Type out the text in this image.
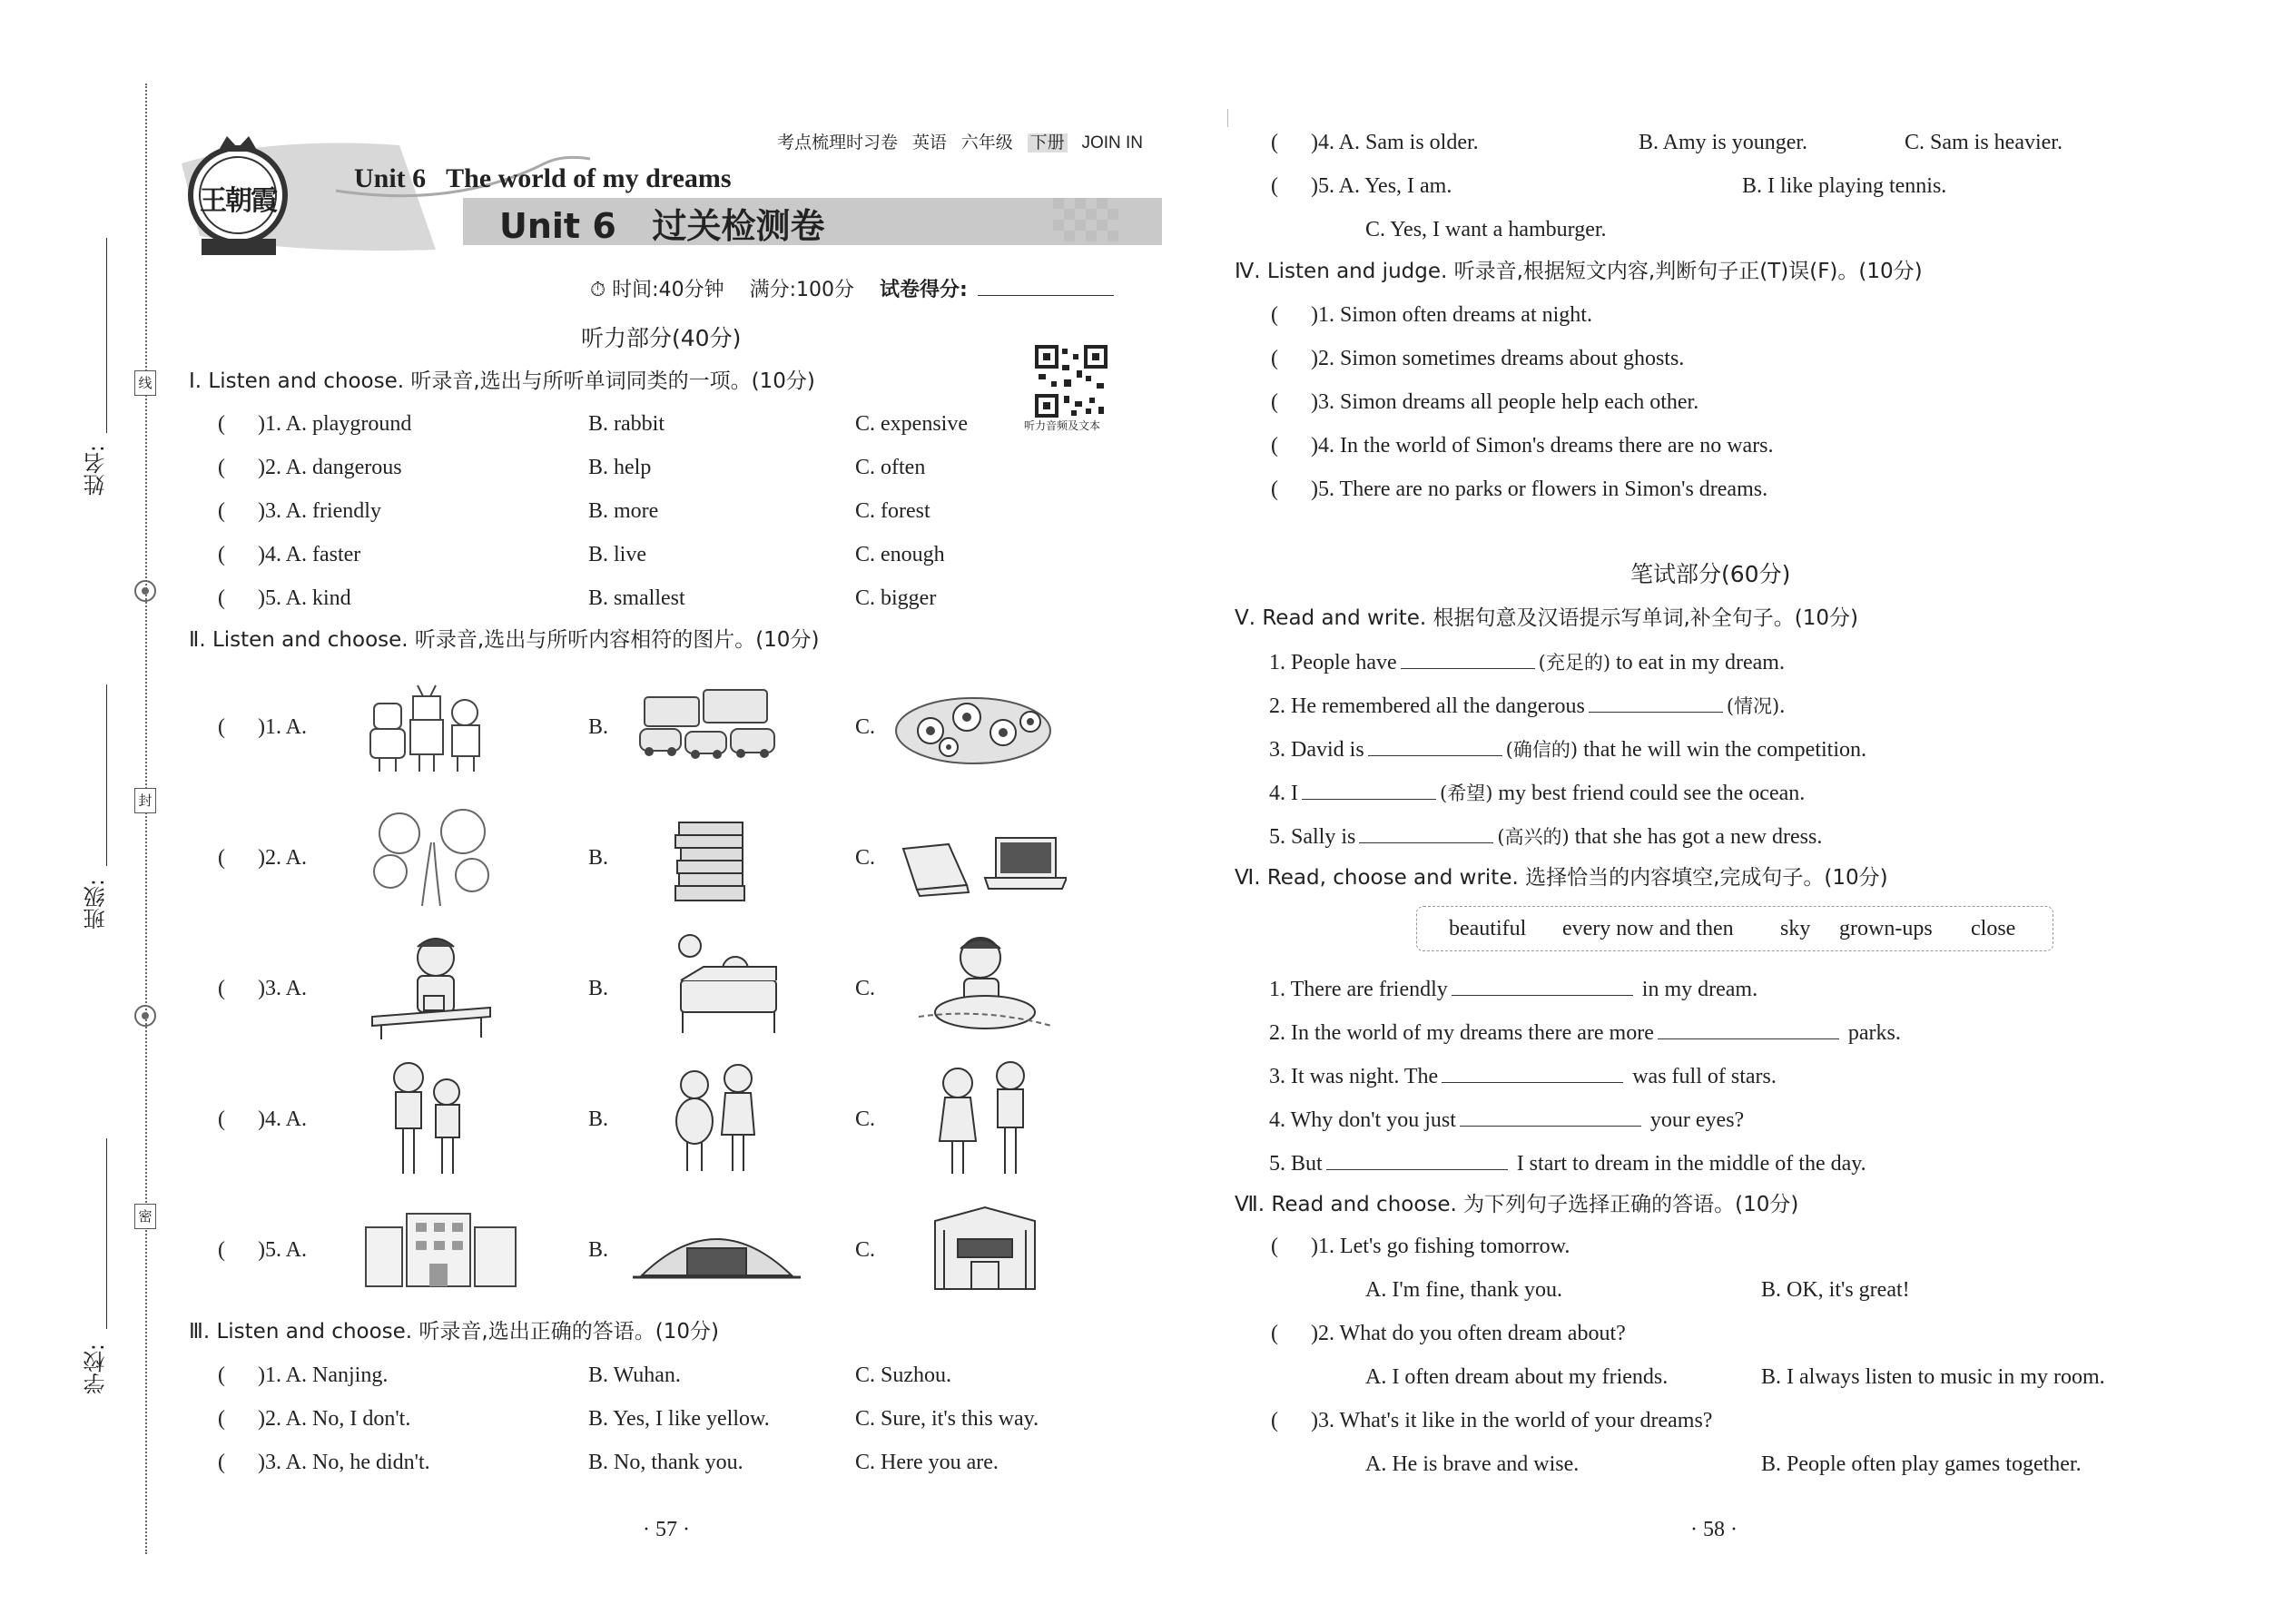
姓名:
班级:
学校:
线
封
密
考点梳理时习卷 英语 六年级 下册 JOIN IN
王朝霞
Unit 6   The world of my dreams
Unit 6 过关检测卷
⏱ 时间:40分钟 满分:100分 试卷得分:
听力部分(40分)
听力音频及文本
Ⅰ. Listen and choose. 听录音,选出与所听单词同类的一项。(10分)
(      )1. A. playground	B. rabbit	C. expensive
(      )2. A. dangerous	B. help	C. often
(      )3. A. friendly	B. more	C. forest
(      )4. A. faster	B. live	C. enough
(      )5. A. kind	B. smallest	C. bigger
Ⅱ. Listen and choose. 听录音,选出与所听内容相符的图片。(10分)
(      )1. A.	B.	C.
(      )2. A.	B.	C.
(      )3. A.	B.	C.
(      )4. A.	B.	C.
(      )5. A.	B.	C.
Ⅲ. Listen and choose. 听录音,选出正确的答语。(10分)
(      )1. A. Nanjing.	B. Wuhan.	C. Suzhou.
(      )2. A. No, I don't.	B. Yes, I like yellow.	C. Sure, it's this way.
(      )3. A. No, he didn't.	B. No, thank you.	C. Here you are.
· 57 ·
(      )4. A. Sam is older.	B. Amy is younger.	C. Sam is heavier.
(      )5. A. Yes, I am.	B. I like playing tennis.
C. Yes, I want a hamburger.
Ⅳ. Listen and judge. 听录音,根据短文内容,判断句子正(T)误(F)。(10分)
(      )1. Simon often dreams at night.
(      )2. Simon sometimes dreams about ghosts.
(      )3. Simon dreams all people help each other.
(      )4. In the world of Simon's dreams there are no wars.
(      )5. There are no parks or flowers in Simon's dreams.
笔试部分(60分)
Ⅴ. Read and write. 根据句意及汉语提示写单词,补全句子。(10分)
1. People have	(充足的) to eat in my dream.
2. He remembered all the dangerous	(情况).
3. David is	(确信的) that he will win the competition.
4. I	(希望) my best friend could see the ocean.
5. Sally is	(高兴的) that she has got a new dress.
Ⅵ. Read, choose and write. 选择恰当的内容填空,完成句子。(10分)
beautiful every now and then sky grown-ups close
1. There are friendly	in my dream.
2. In the world of my dreams there are more	parks.
3. It was night. The	was full of stars.
4. Why don't you just	your eyes?
5. But	I start to dream in the middle of the day.
Ⅶ. Read and choose. 为下列句子选择正确的答语。(10分)
(      )1. Let's go fishing tomorrow.
A. I'm fine, thank you.	B. OK, it's great!
(      )2. What do you often dream about?
A. I often dream about my friends.	B. I always listen to music in my room.
(      )3. What's it like in the world of your dreams?
A. He is brave and wise.	B. People often play games together.
· 58 ·
